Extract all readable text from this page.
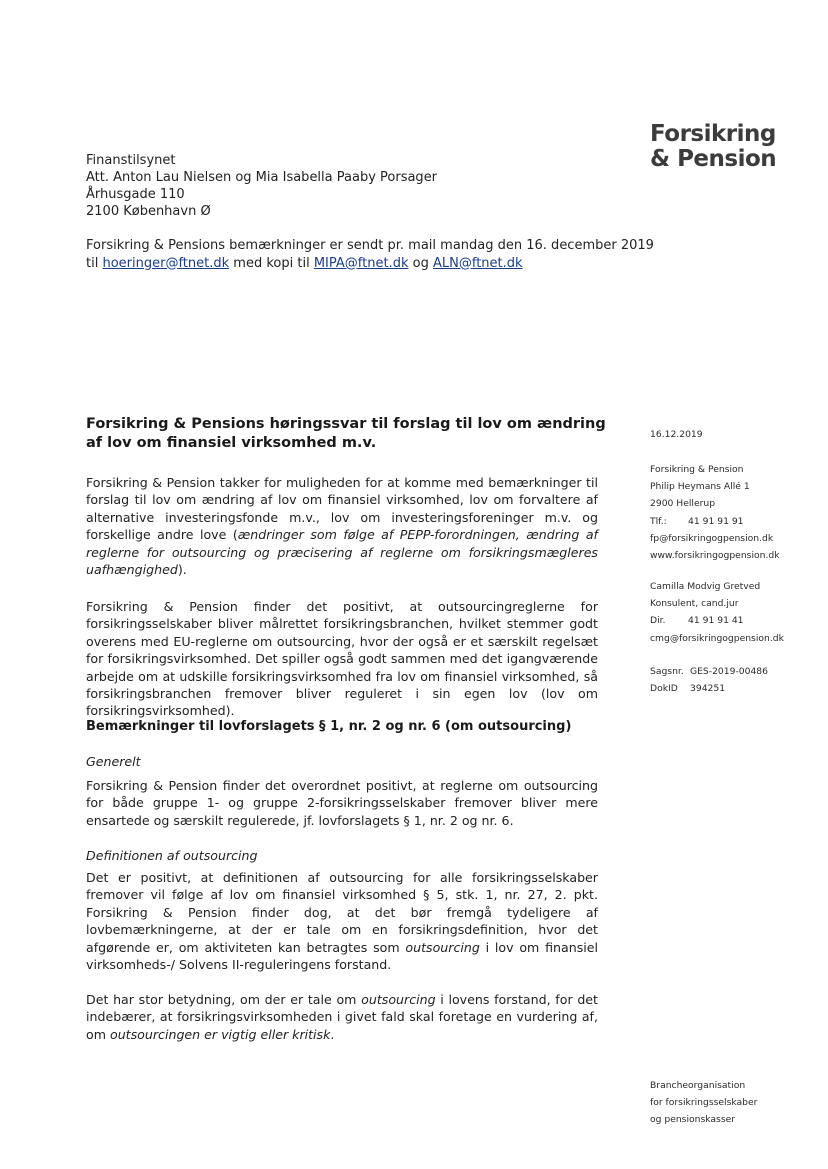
Forsikring
& Pension
Finanstilsynet
Att. Anton Lau Nielsen og Mia Isabella Paaby Porsager
Århusgade 110
2100 København Ø
Forsikring & Pensions bemærkninger er sendt pr. mail mandag den 16. december 2019
til hoeringer@ftnet.dk med kopi til MIPA@ftnet.dk og ALN@ftnet.dk
Forsikring & Pensions høringssvar til forslag til lov om ændring af lov om finansiel virksomhed m.v.

Forsikring & Pension takker for muligheden for at komme med bemærkninger til forslag til lov om ændring af lov om finansiel virksomhed, lov om forvaltere af alternative investeringsfonde m.v., lov om investeringsforeninger m.v. og forskellige andre love (ændringer som følge af PEPP-forordningen, ændring af reglerne for outsourcing og præcisering af reglerne om forsikringsmægleres uafhængighed).

Forsikring & Pension finder det positivt, at outsourcingreglerne for forsikringsselskaber bliver målrettet forsikringsbranchen, hvilket stemmer godt overens med EU-reglerne om outsourcing, hvor der også er et særskilt regelsæt for forsikringsvirksomhed. Det spiller også godt sammen med det igangværende arbejde om at udskille forsikringsvirksomhed fra lov om finansiel virksomhed, så forsikringsbranchen fremover bliver reguleret i sin egen lov (lov om forsikringsvirksomhed).

Bemærkninger til lovforslagets § 1, nr. 2 og nr. 6 (om outsourcing)
Generelt

Forsikring & Pension finder det overordnet positivt, at reglerne om outsourcing for både gruppe 1- og gruppe 2-forsikringsselskaber fremover bliver mere ensartede og særskilt regulerede, jf. lovforslagets § 1, nr. 2 og nr. 6.

Definitionen af outsourcing

Det er positivt, at definitionen af outsourcing for alle forsikringsselskaber fremover vil følge af lov om finansiel virksomhed § 5, stk. 1, nr. 27, 2. pkt. Forsikring & Pension finder dog, at det bør fremgå tydeligere af lovbemærkningerne, at der er tale om en forsikringsdefinition, hvor det afgørende er, om aktiviteten kan betragtes som outsourcing i lov om finansiel virksomheds-/ Solvens II-reguleringens forstand.

Det har stor betydning, om der er tale om outsourcing i lovens forstand, for det indebærer, at forsikringsvirksomheden i givet fald skal foretage en vurdering af, om outsourcingen er vigtig eller kritisk.

16.12.2019
Forsikring & Pension
Philip Heymans Allé 1
2900 Hellerup
Tlf.: 41 91 91 91
fp@forsikringogpension.dk
www.forsikringogpension.dk
Camilla Modvig Gretved
Konsulent, cand.jur
Dir. 41 91 91 41
cmg@forsikringogpension.dk
Sagsnr. GES-2019-00486
DokID 394251
Brancheorganisation
for forsikringsselskaber
og pensionskasser
